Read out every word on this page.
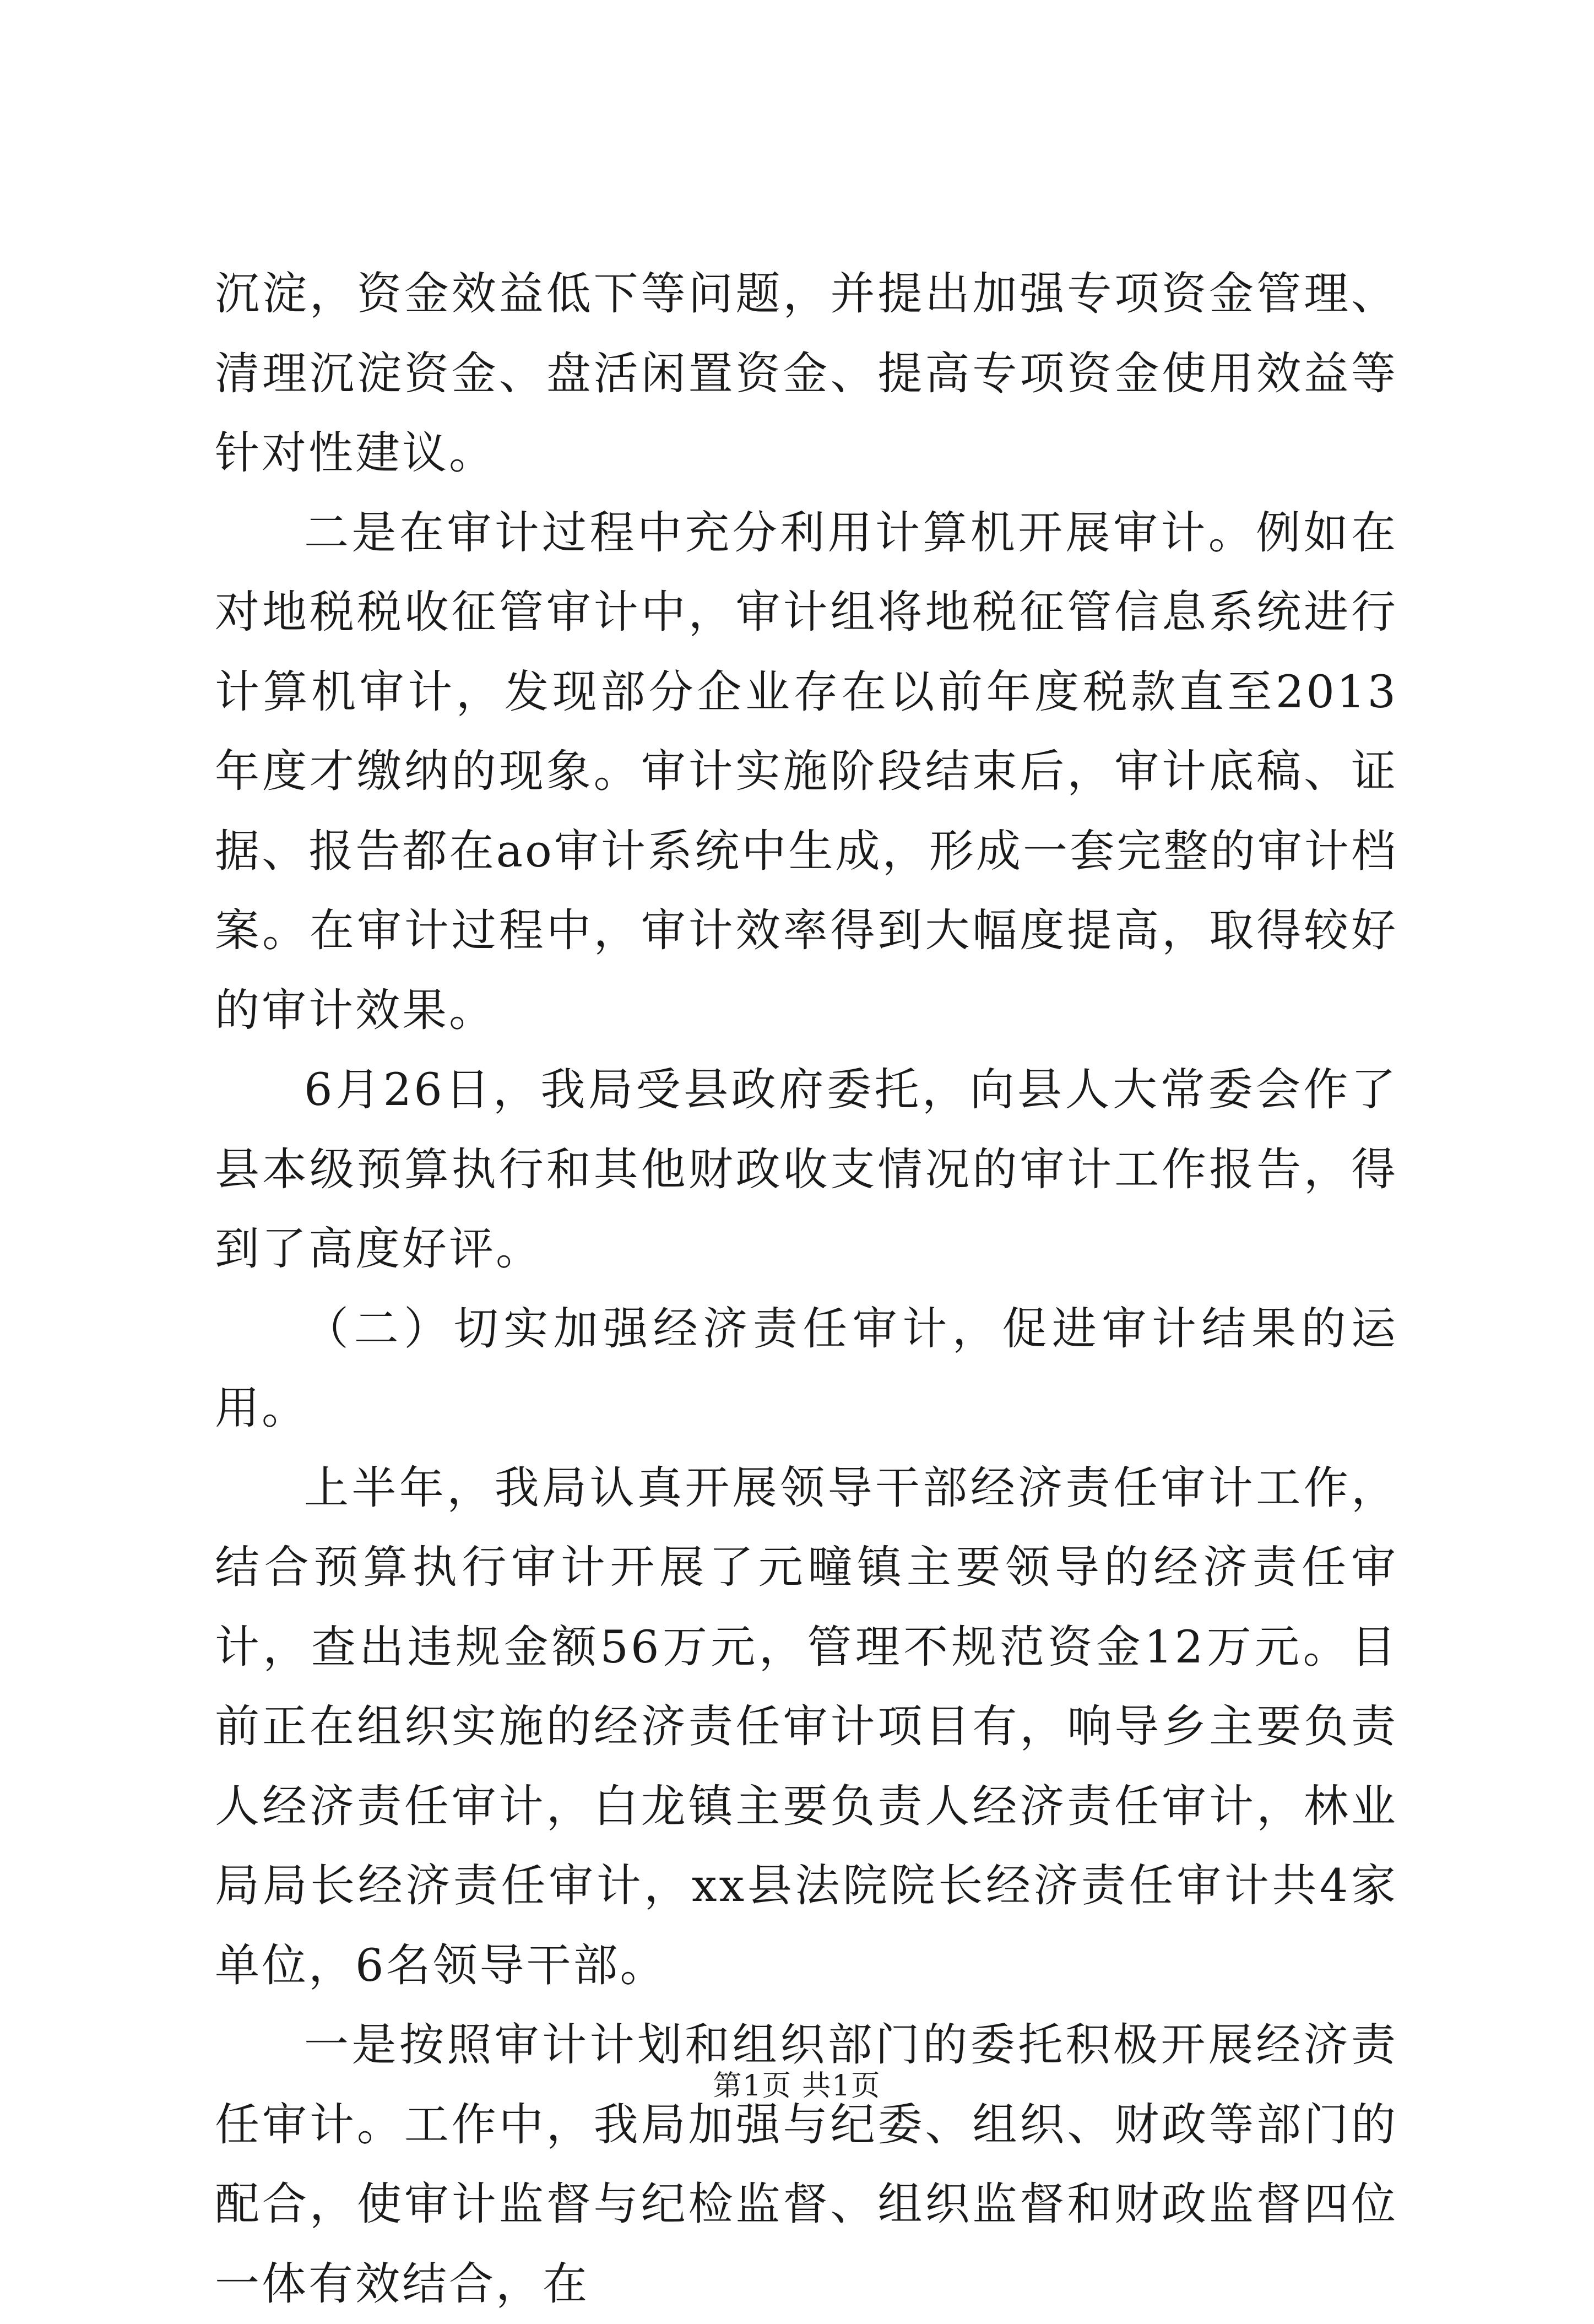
沉淀，资金效益低下等问题，并提出加强专项资金管理、清理沉淀资金、盘活闲置资金、提高专项资金使用效益等针对性建议。

二是在审计过程中充分利用计算机开展审计。例如在对地税税收征管审计中，审计组将地税征管信息系统进行计算机审计，发现部分企业存在以前年度税款直至2013年度才缴纳的现象。审计实施阶段结束后，审计底稿、证据、报告都在ao审计系统中生成，形成一套完整的审计档案。在审计过程中，审计效率得到大幅度提高，取得较好的审计效果。

6月26日，我局受县政府委托，向县人大常委会作了县本级预算执行和其他财政收支情况的审计工作报告，得到了高度好评。

（二）切实加强经济责任审计，促进审计结果的运用。

上半年，我局认真开展领导干部经济责任审计工作，结合预算执行审计开展了元疃镇主要领导的经济责任审计，查出违规金额56万元，管理不规范资金12万元。目前正在组织实施的经济责任审计项目有，响导乡主要负责人经济责任审计，白龙镇主要负责人经济责任审计，林业局局长经济责任审计，xx县法院院长经济责任审计共4家单位，6名领导干部。

一是按照审计计划和组织部门的委托积极开展经济责任审计。工作中，我局加强与纪委、组织、财政等部门的配合，使审计监督与纪检监督、组织监督和财政监督四位一体有效结合，在

第1页 共1页
